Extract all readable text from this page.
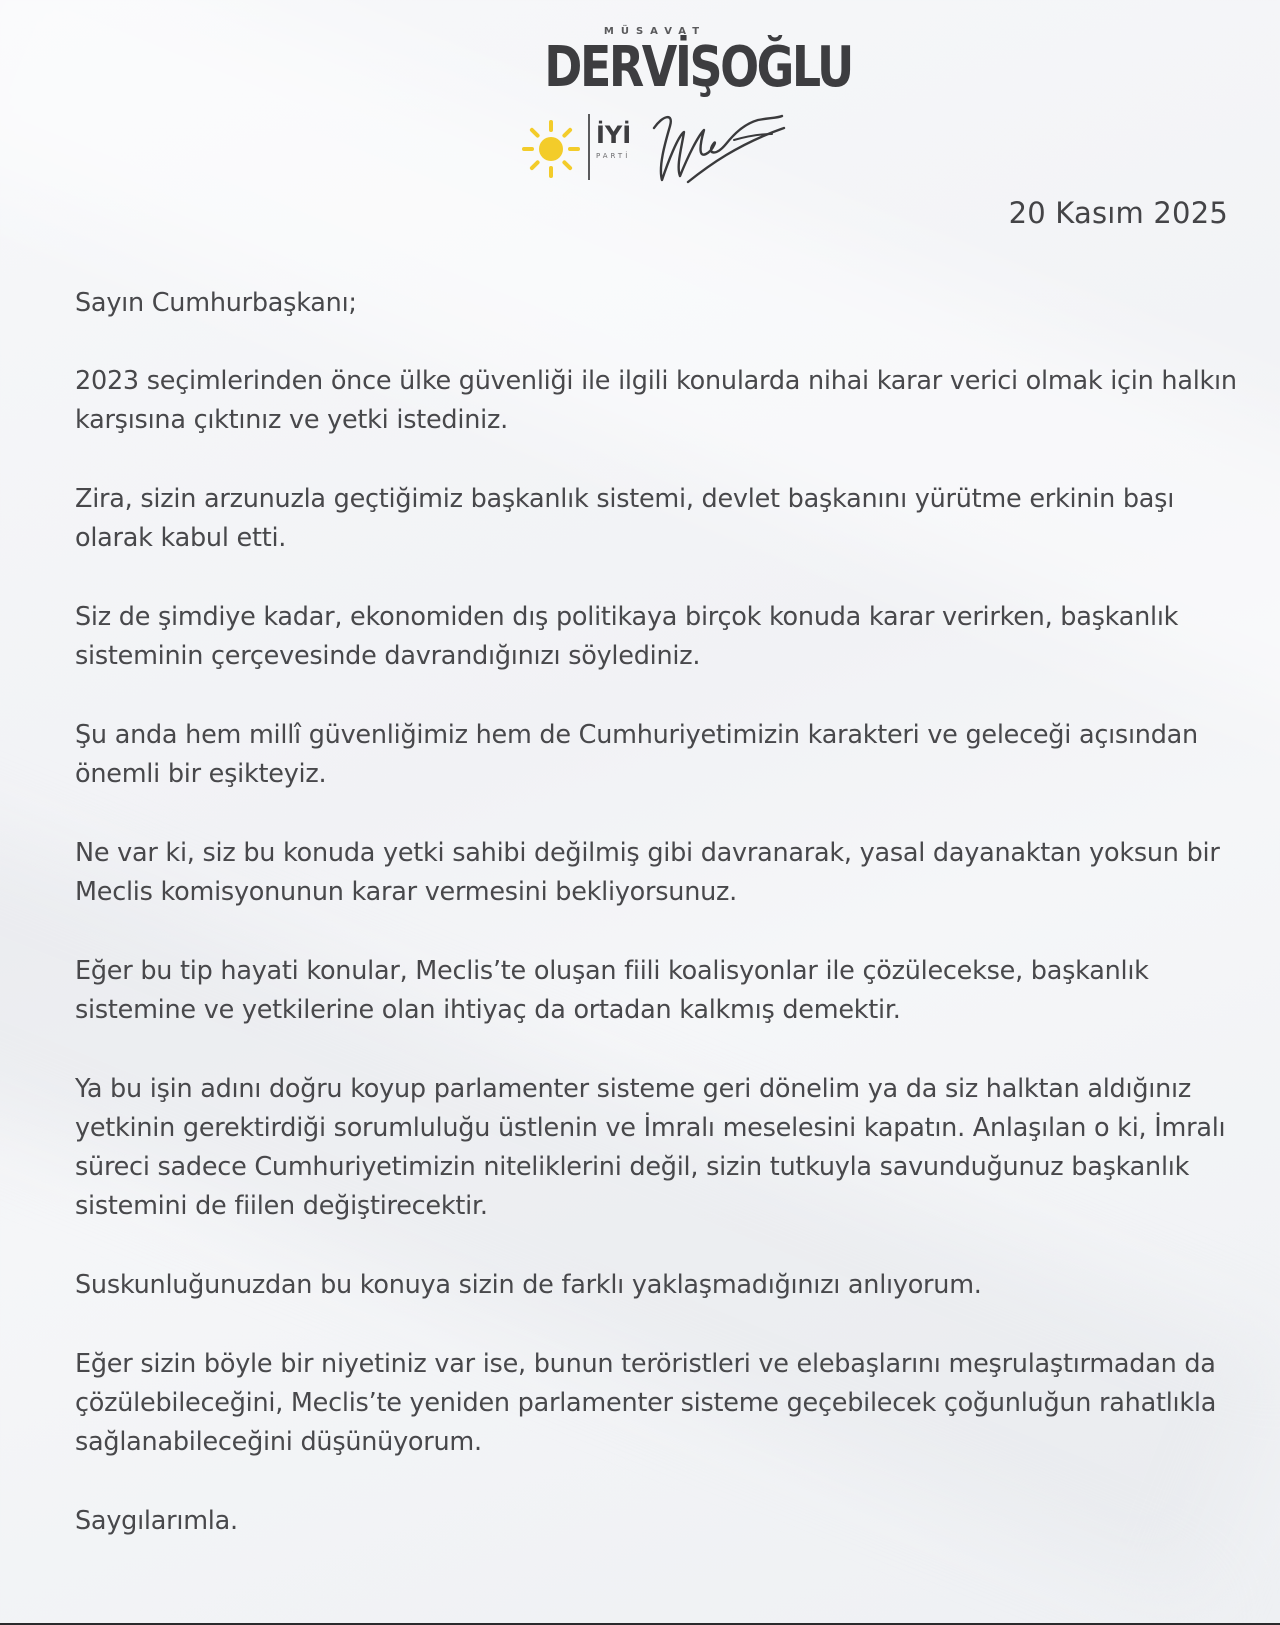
MÜSAVAT
DERVİŞOĞLU
İYİ
PARTİ
20 Kasım 2025

Sayın Cumhurbaşkanı;

2023 seçimlerinden önce ülke güvenliği ile ilgili konularda nihai karar verici olmak için halkın karşısına çıktınız ve yetki istediniz.

Zira, sizin arzunuzla geçtiğimiz başkanlık sistemi, devlet başkanını yürütme erkinin başı olarak kabul etti.

Siz de şimdiye kadar, ekonomiden dış politikaya birçok konuda karar verirken, başkanlık sisteminin çerçevesinde davrandığınızı söylediniz.

Şu anda hem millî güvenliğimiz hem de Cumhuriyetimizin karakteri ve geleceği açısından önemli bir eşikteyiz.

Ne var ki, siz bu konuda yetki sahibi değilmiş gibi davranarak, yasal dayanaktan yoksun bir Meclis komisyonunun karar vermesini bekliyorsunuz.

Eğer bu tip hayati konular, Meclis’te oluşan fiili koalisyonlar ile çözülecekse, başkanlık sistemine ve yetkilerine olan ihtiyaç da ortadan kalkmış demektir.

Ya bu işin adını doğru koyup parlamenter sisteme geri dönelim ya da siz halktan aldığınız yetkinin gerektirdiği sorumluluğu üstlenin ve İmralı meselesini kapatın. Anlaşılan o ki, İmralı süreci sadece Cumhuriyetimizin niteliklerini değil, sizin tutkuyla savunduğunuz başkanlık sistemini de fiilen değiştirecektir.

Suskunluğunuzdan bu konuya sizin de farklı yaklaşmadığınızı anlıyorum.

Eğer sizin böyle bir niyetiniz var ise, bunun teröristleri ve elebaşlarını meşrulaştırmadan da çözülebileceğini, Meclis’te yeniden parlamenter sisteme geçebilecek çoğunluğun rahatlıkla sağlanabileceğini düşünüyorum.

Saygılarımla.
